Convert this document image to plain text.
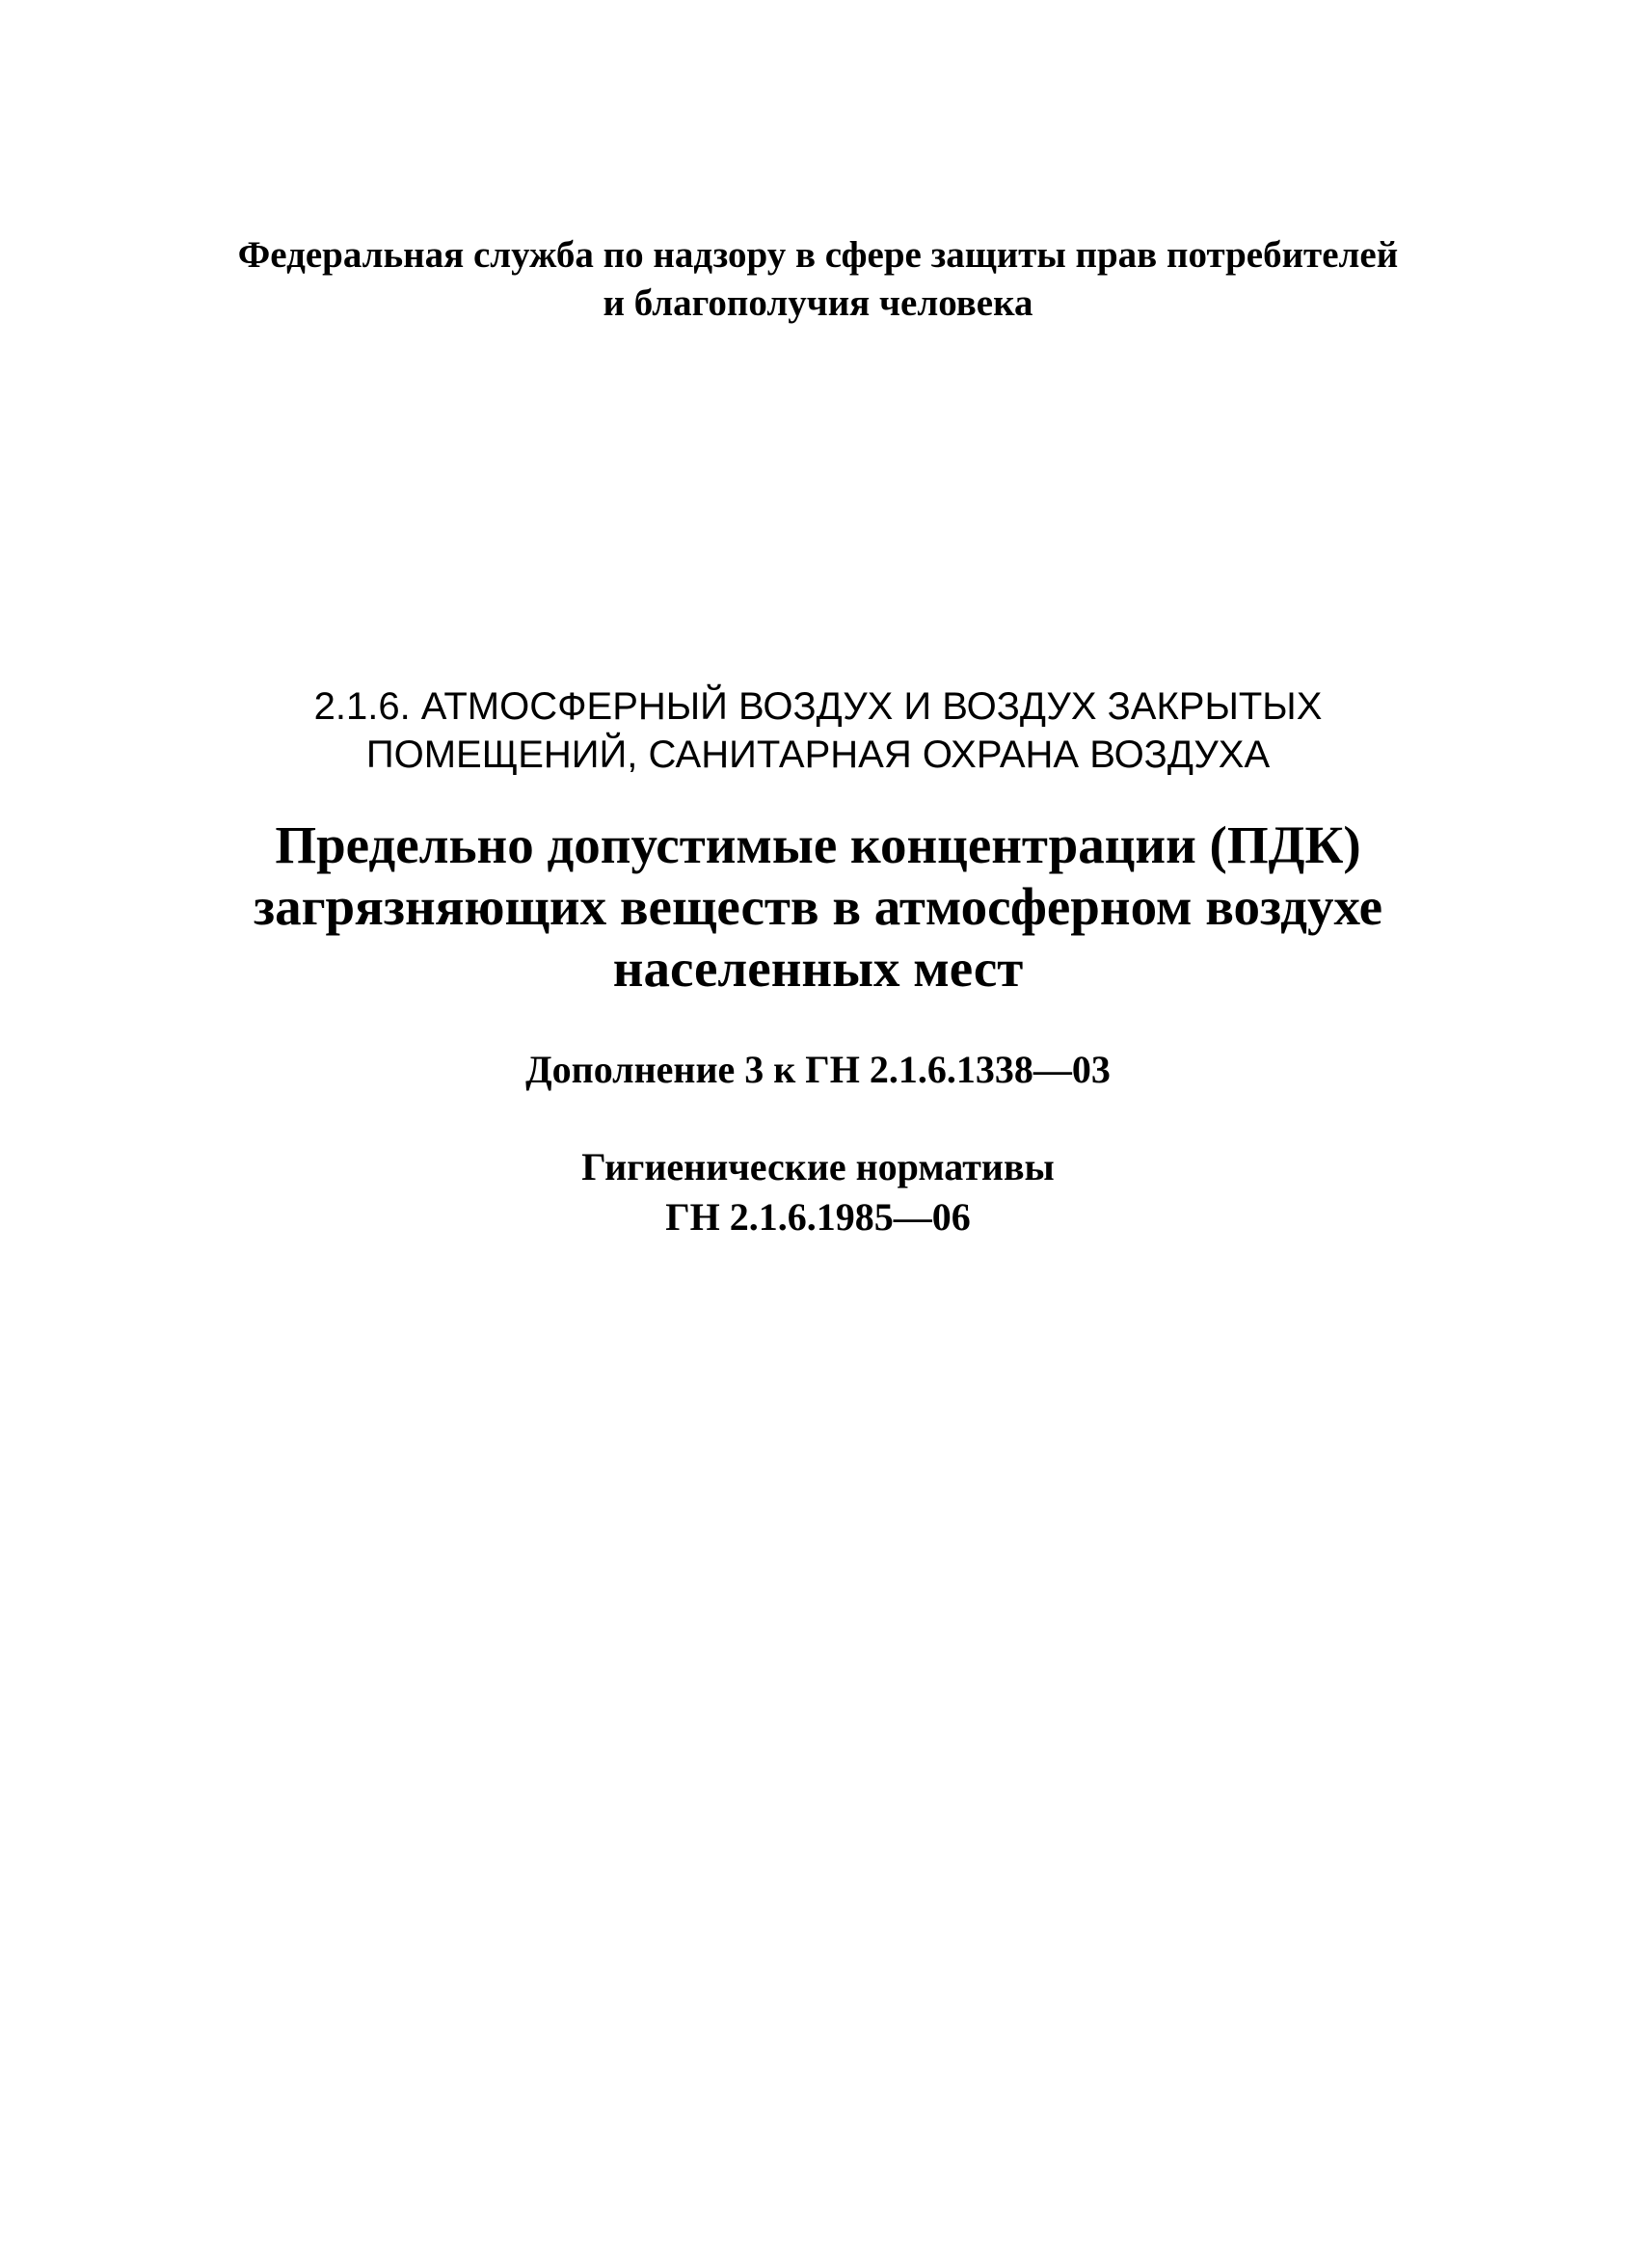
Федеральная служба по надзору в сфере защиты прав потребителей
и благополучия человека
2.1.6. АТМОСФЕРНЫЙ ВОЗДУХ И ВОЗДУХ ЗАКРЫТЫХ
ПОМЕЩЕНИЙ, САНИТАРНАЯ ОХРАНА ВОЗДУХА
Предельно допустимые концентрации (ПДК)
загрязняющих веществ в атмосферном воздухе
населенных мест
Дополнение 3 к ГН 2.1.6.1338—03
Гигиенические нормативы
ГН 2.1.6.1985—06
